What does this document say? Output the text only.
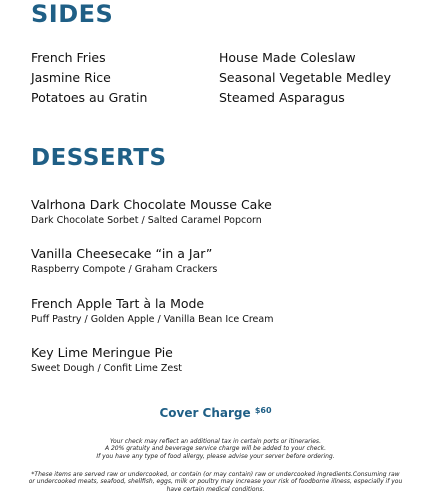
SIDES
French Fries
Jasmine Rice
Potatoes au Gratin
House Made Coleslaw
Seasonal Vegetable Medley
Steamed Asparagus
DESSERTS
Valrhona Dark Chocolate Mousse Cake
Dark Chocolate Sorbet / Salted Caramel Popcorn
Vanilla Cheesecake “in a Jar”
Raspberry Compote / Graham Crackers
French Apple Tart à la Mode
Puff Pastry / Golden Apple / Vanilla Bean Ice Cream
Key Lime Meringue Pie
Sweet Dough / Confit Lime Zest
Cover Charge $^{\$60}$
Your check may reflect an additional tax in certain ports or itineraries.
A 20% gratuity and beverage service charge will be added to your check.
If you have any type of food allergy, please advise your server before ordering.
*These items are served raw or undercooked, or contain (or may contain) raw or undercooked ingredients.Consuming raw or undercooked meats, seafood, shellfish, eggs, milk or poultry may increase your risk of foodborne illness, especially if you have certain medical conditions.
